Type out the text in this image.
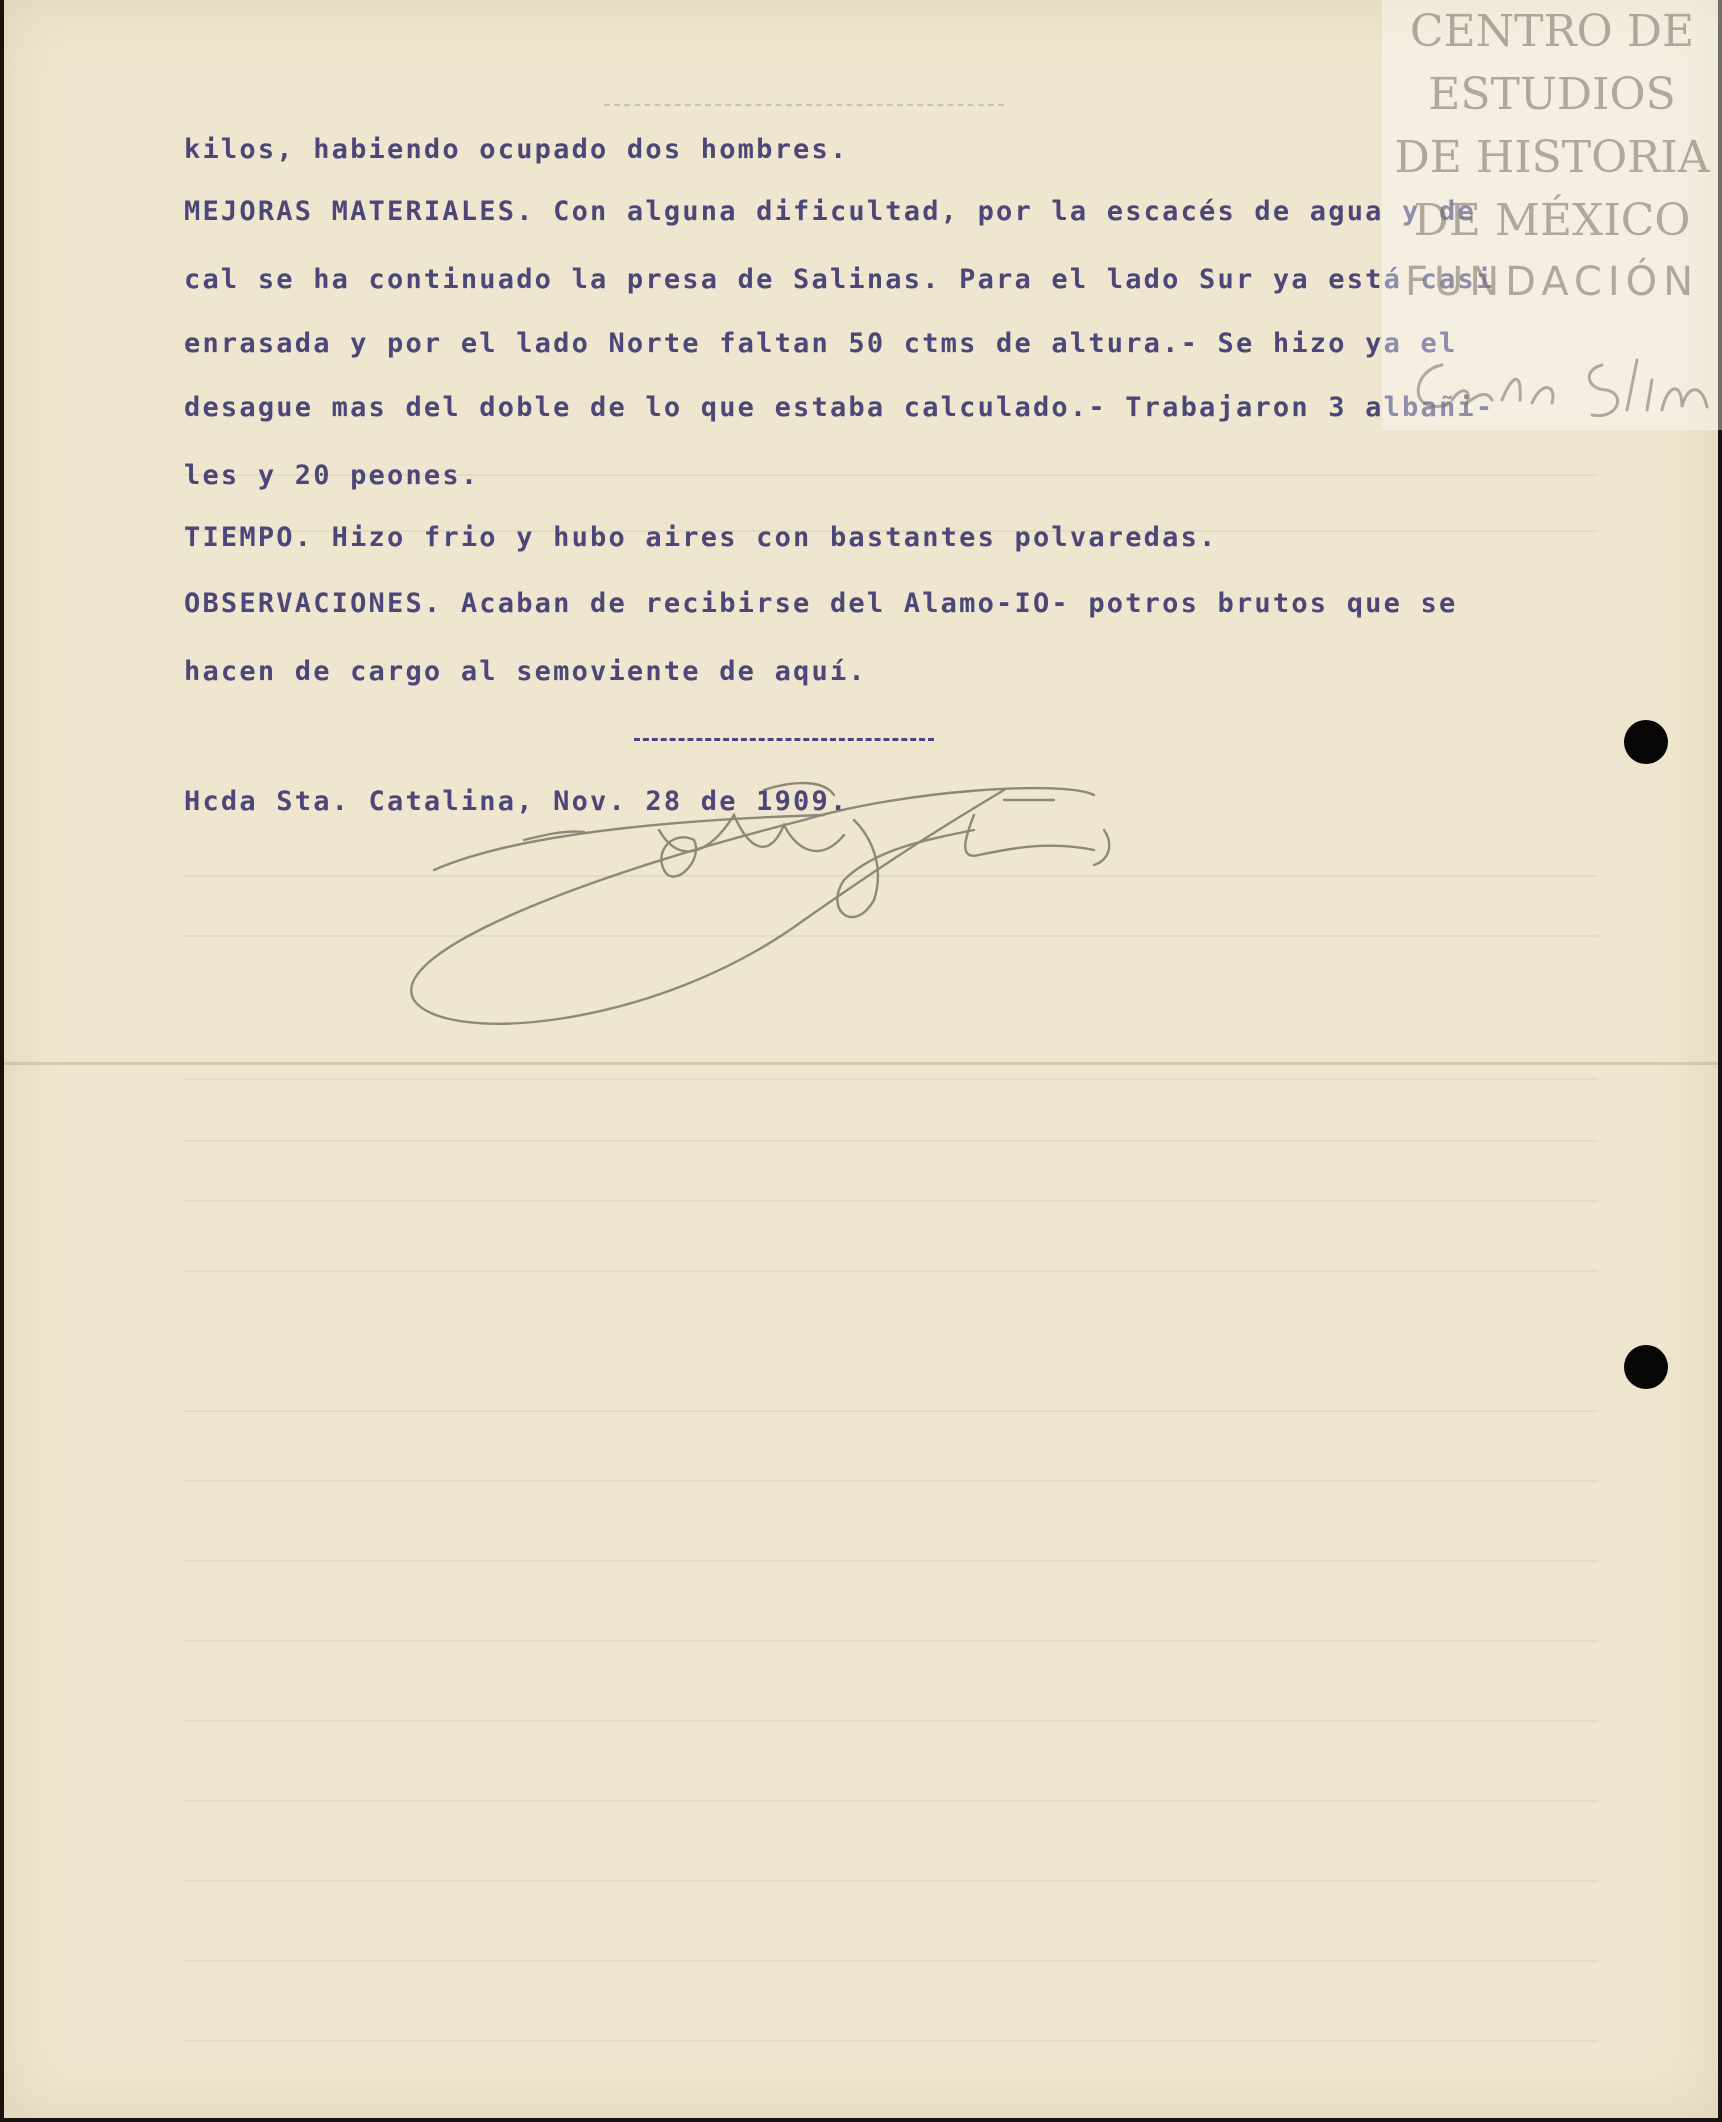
kilos, habiendo ocupado dos hombres.
MEJORAS MATERIALES. Con alguna dificultad, por la escacés de agua y de
cal se ha continuado la presa de Salinas. Para el lado Sur ya está casi
enrasada y por el lado Norte faltan 50 ctms de altura.- Se hizo ya el
desague mas del doble de lo que estaba calculado.- Trabajaron 3 albañi-
les y 20 peones.
TIEMPO. Hizo frio y hubo aires con bastantes polvaredas.
OBSERVACIONES. Acaban de recibirse del Alamo-IO- potros brutos que se
hacen de cargo al semoviente de aquí.
Hcda Sta. Catalina, Nov. 28 de 1909.
CENTRO DE
ESTUDIOS
DE HISTORIA
DE MÉXICO
FUNDACIÓN
